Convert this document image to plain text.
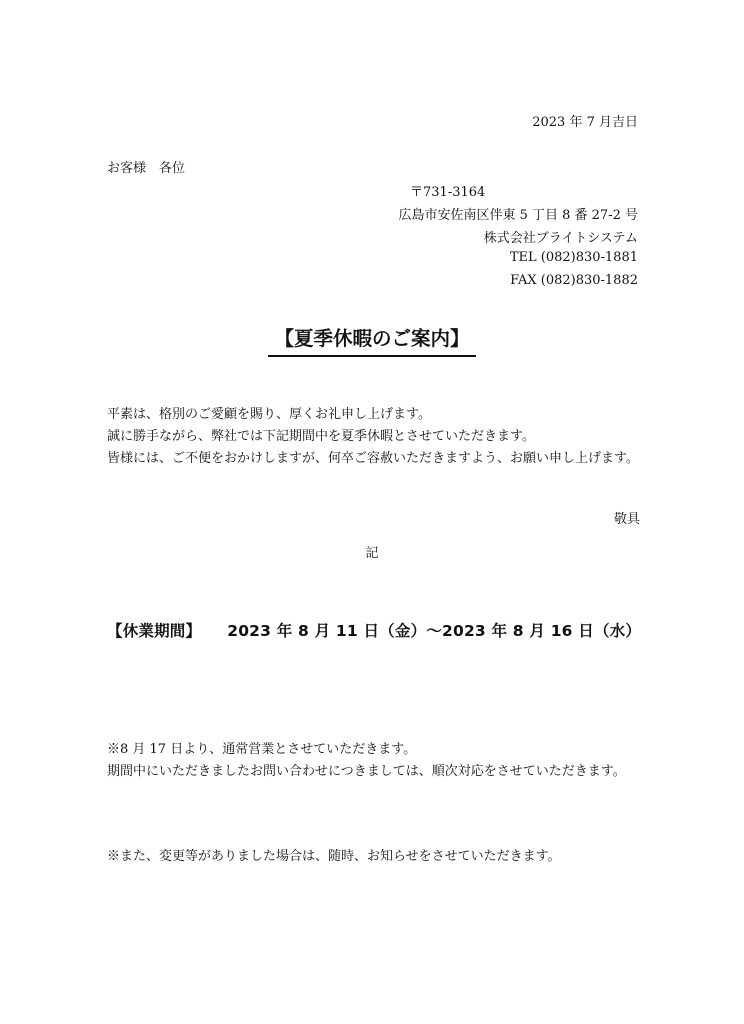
2023 年 7 月吉日
お客様　各位
〒731-3164
広島市安佐南区伴東 5 丁目 8 番 27-2 号
株式会社ブライトシステム
TEL (082)830-1881
FAX (082)830-1882
【夏季休暇のご案内】
平素は、格別のご愛顧を賜り、厚くお礼申し上げます。
誠に勝手ながら、弊社では下記期間中を夏季休暇とさせていただきます。
皆様には、ご不便をおかけしますが、何卒ご容赦いただきますよう、お願い申し上げます。
敬具
記
【休業期間】 2023 年 8 月 11 日（金）～2023 年 8 月 16 日（水）
※8 月 17 日より、通常営業とさせていただきます。
期間中にいただきましたお問い合わせにつきましては、順次対応をさせていただきます。
※また、変更等がありました場合は、随時、お知らせをさせていただきます。
